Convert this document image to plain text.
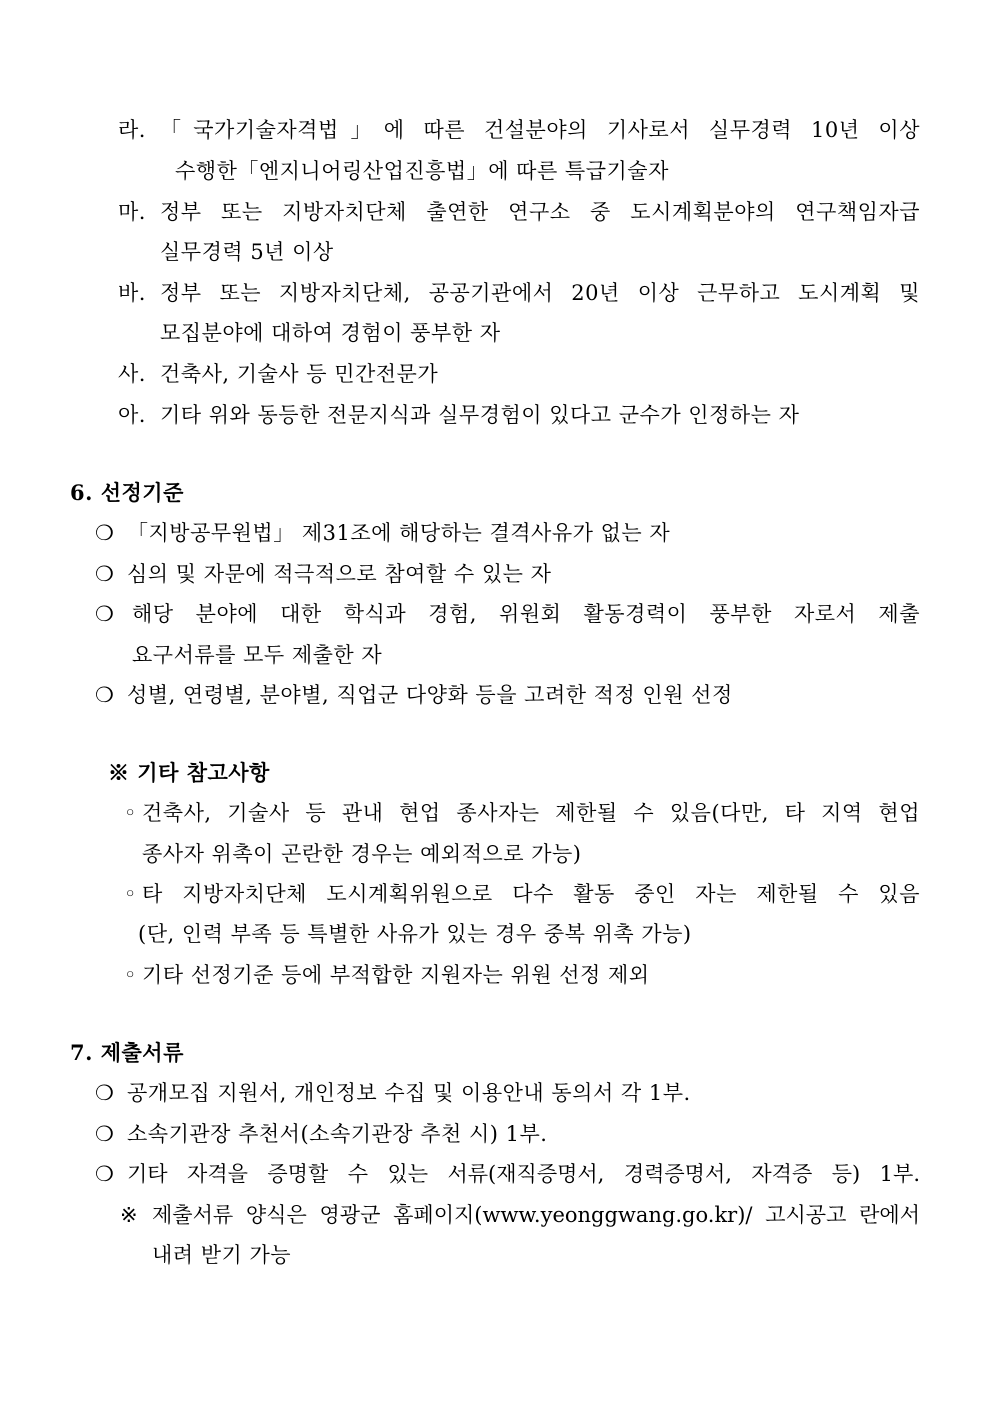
라. 「국가기술자격법」에 따른 건설분야의 기사로서 실무경력 10년 이상
수행한「엔지니어링산업진흥법」에 따른 특급기술자
마. 정부 또는 지방자치단체 출연한 연구소 중 도시계획분야의 연구책임자급
실무경력 5년 이상
바. 정부 또는 지방자치단체, 공공기관에서 20년 이상 근무하고 도시계획 및
모집분야에 대하여 경험이 풍부한 자
사. 건축사, 기술사 등 민간전문가
아. 기타 위와 동등한 전문지식과 실무경험이 있다고 군수가 인정하는 자
6. 선정기준
❍ 「지방공무원법」 제31조에 해당하는 결격사유가 없는 자
❍ 심의 및 자문에 적극적으로 참여할 수 있는 자
❍ 해당 분야에 대한 학식과 경험, 위원회 활동경력이 풍부한 자로서 제출
요구서류를 모두 제출한 자
❍ 성별, 연령별, 분야별, 직업군 다양화 등을 고려한 적정 인원 선정
※ 기타 참고사항
◦ 건축사, 기술사 등 관내 현업 종사자는 제한될 수 있음(다만, 타 지역 현업
종사자 위촉이 곤란한 경우는 예외적으로 가능)
◦ 타 지방자치단체 도시계획위원으로 다수 활동 중인 자는 제한될 수 있음
(단, 인력 부족 등 특별한 사유가 있는 경우 중복 위촉 가능)
◦ 기타 선정기준 등에 부적합한 지원자는 위원 선정 제외
7. 제출서류
❍ 공개모집 지원서, 개인정보 수집 및 이용안내 동의서 각 1부.
❍ 소속기관장 추천서(소속기관장 추천 시) 1부.
❍ 기타 자격을 증명할 수 있는 서류(재직증명서, 경력증명서, 자격증 등) 1부.
※ 제출서류 양식은 영광군 홈페이지(www.yeonggwang.go.kr)/ 고시공고 란에서
내려 받기 가능
